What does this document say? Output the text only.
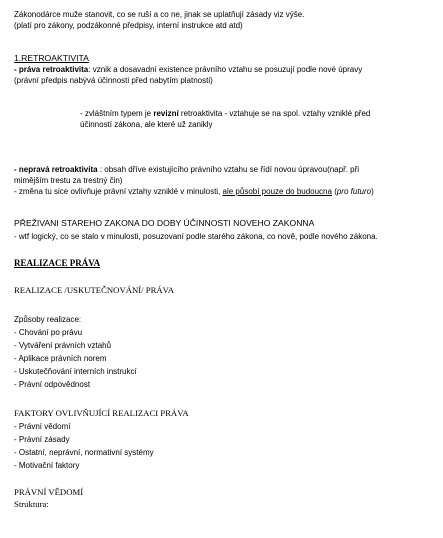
Zákonodárce muže stanovit, co se ruší a co ne, jinak se uplatňují zásady viz výše.
(platí pro zákony, podzákonné předpisy, interní instrukce atd atd)
1.RETROAKTIVITA
- práva retroaktivita: vznik a dosavadní existence právního vztahu se posuzují podle nové úpravy
(právní předpis nabývá účinnosti před nabytím platnosti)
- zvláštním typem je revizní retroaktivita - vztahuje se na spol. vztahy vzniklé před
účinností zákona, ale které už zanikly
- nepravá retroaktivita : obsah dříve existujícího právního vztahu se řídí novou úpravou(např. při
mimějším trestu za trestný čin)
- změna tu sice ovlivňuje právní vztahy vzniklé v minulosti, ale působí pouze do budoucna (pro futuro)
PŘEŽIVANI STAREHO ZAKONA DO DOBY ÚČINNOSTI NOVEHO ZAKONNA
- wtf logický, co se stalo v minulosti, posuzovaní podle starého zákona, co nově, podle nového zákona.
REALIZACE PRÁVA
REALIZACE /USKUTEČNOVÁNÍ/ PRÁVA
Způsoby realizace:
- Chování po právu
- Vytváření právních vztahů
- Aplikace právních norem
- Uskutečňování interních instrukcí
- Právní odpovědnost
FAKTORY OVLIVŇUJÍCÍ REALIZACI PRÁVA
- Právní vědomí
- Právní zásady
- Ostatní, neprávní, normativní systémy
- Motivační faktory
PRÁVNÍ VĚDOMÍ
Struktura:
